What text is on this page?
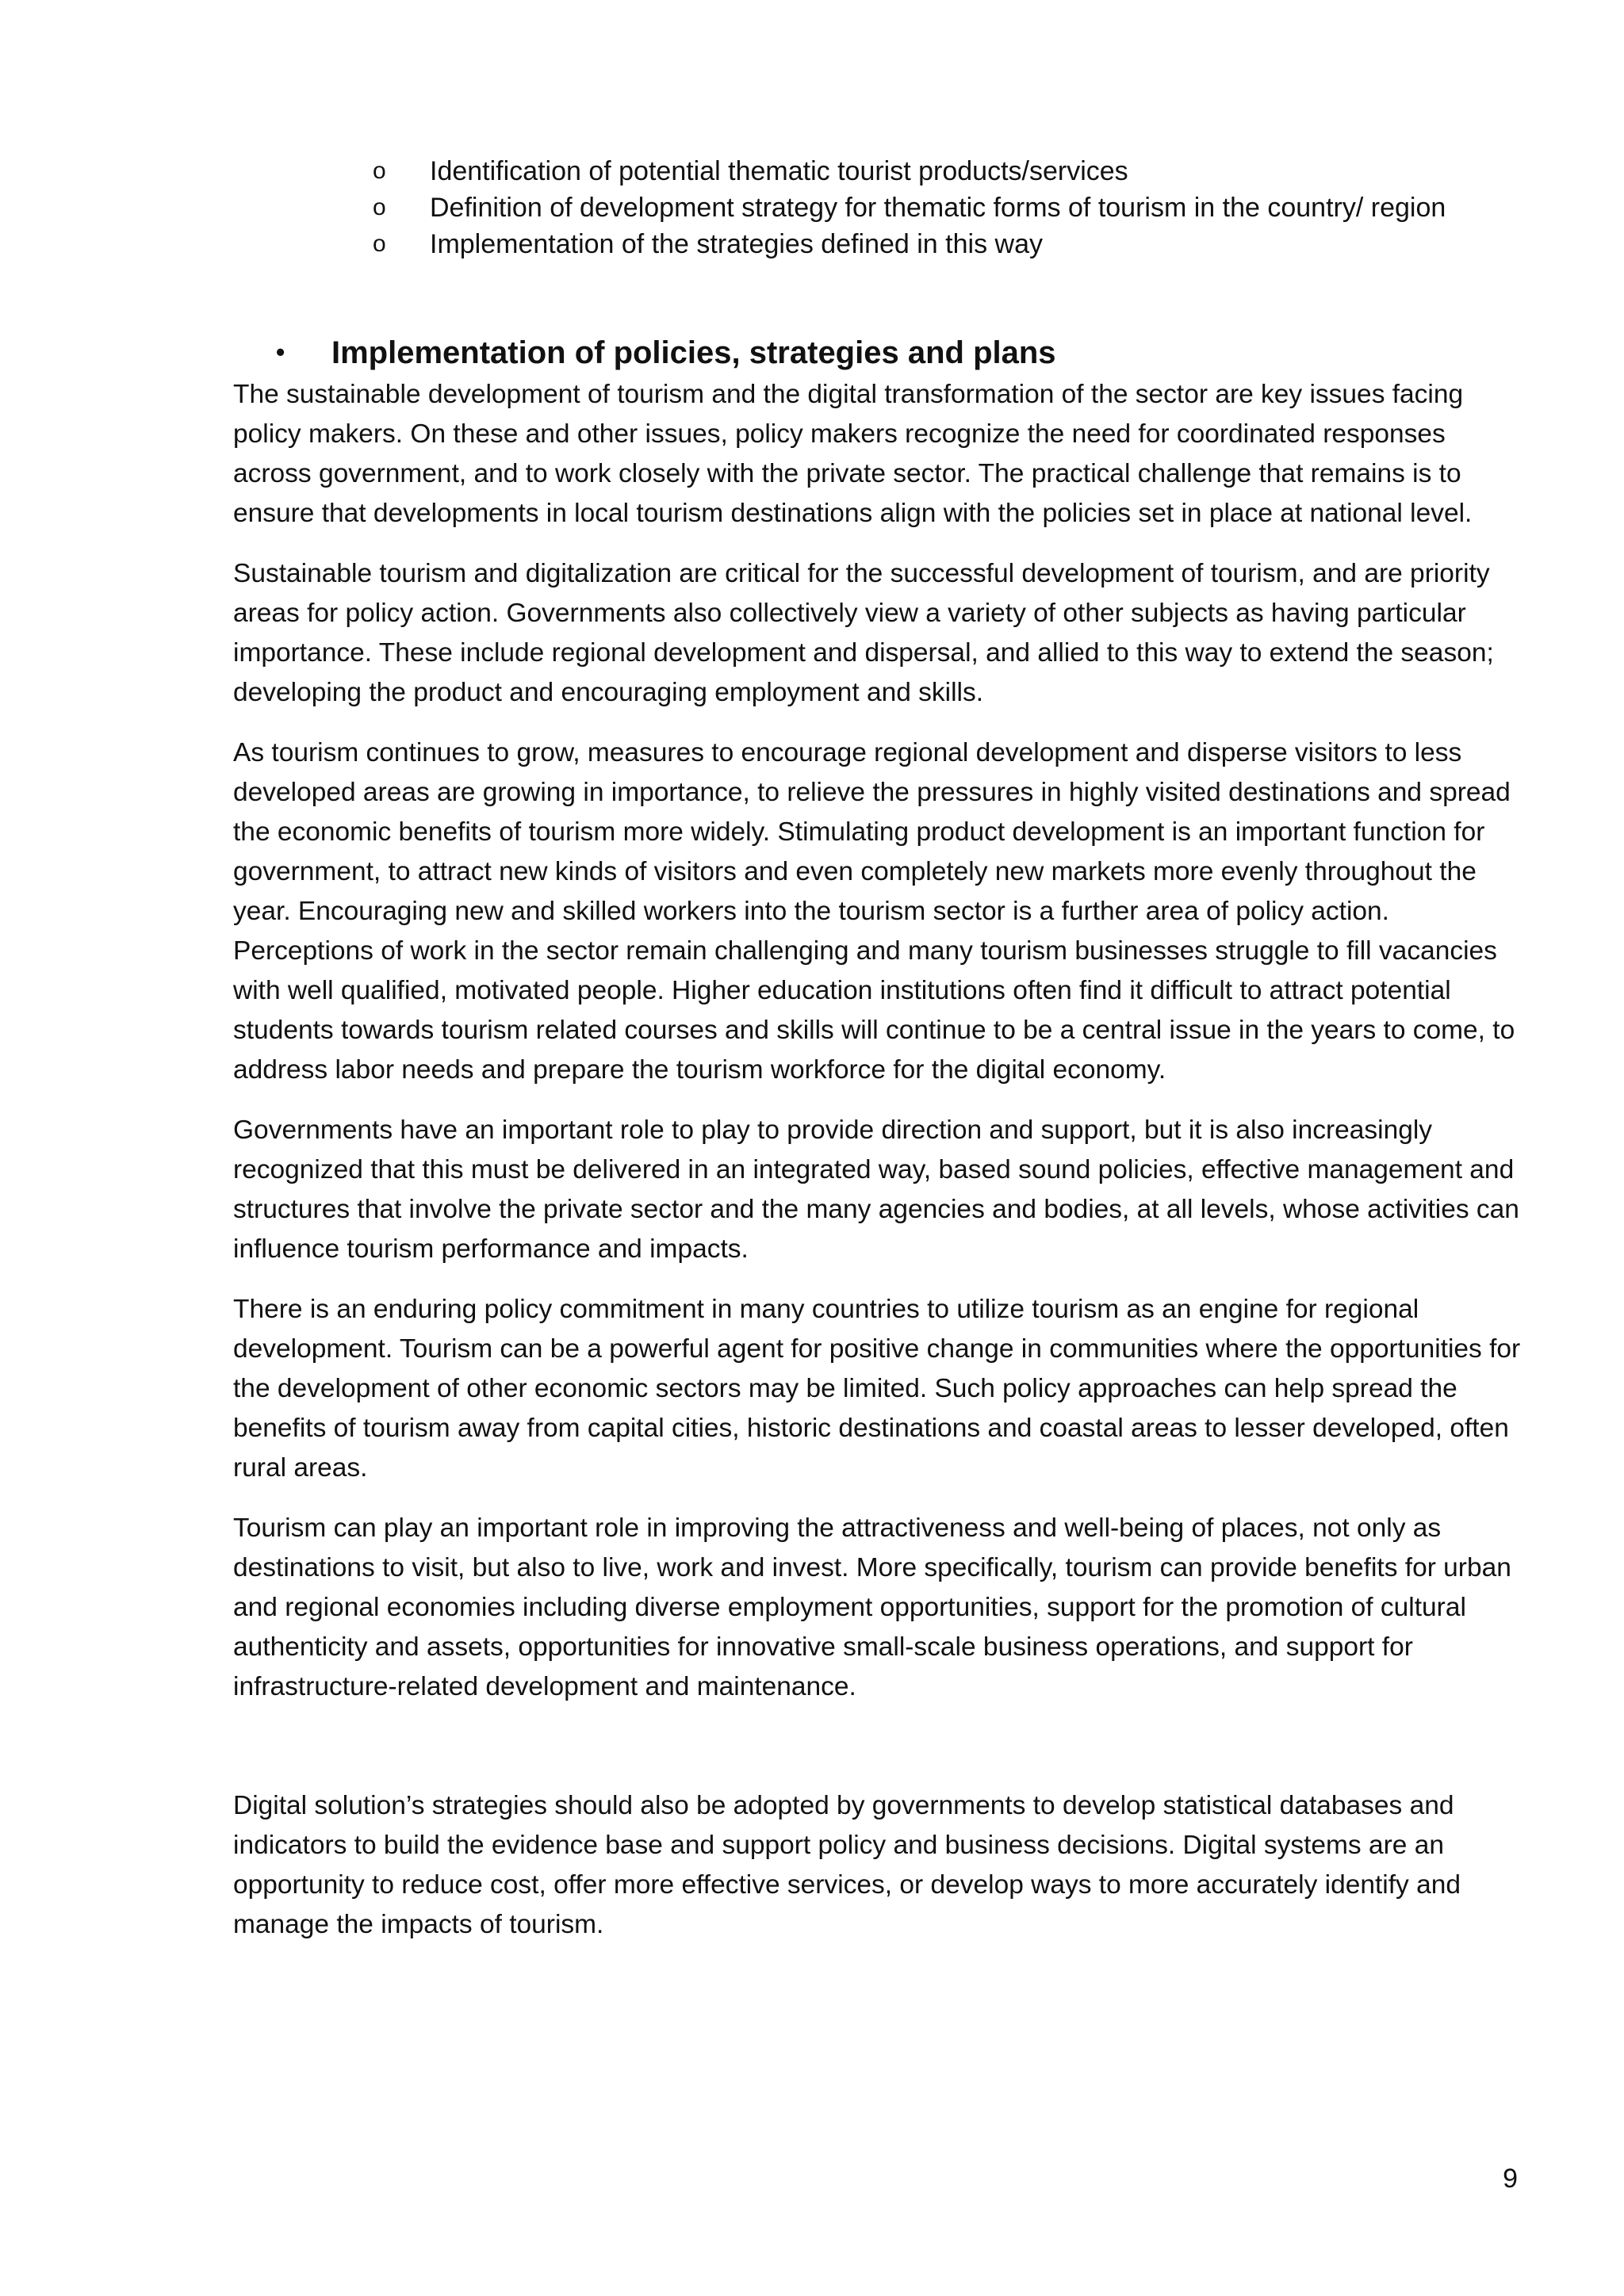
o Identification of potential thematic tourist products/services
o Definition of development strategy for thematic forms of tourism in the country/ region
o Implementation of the strategies defined in this way
• Implementation of policies, strategies and plans

The sustainable development of tourism and the digital transformation of the sector are key issues facing policy makers. On these and other issues, policy makers recognize the need for coordinated responses across government, and to work closely with the private sector. The practical challenge that remains is to ensure that developments in local tourism destinations align with the policies set in place at national level.

Sustainable tourism and digitalization are critical for the successful development of tourism, and are priority areas for policy action. Governments also collectively view a variety of other subjects as having particular importance. These include regional development and dispersal, and allied to this way to extend the season; developing the product and encouraging employment and skills.

As tourism continues to grow, measures to encourage regional development and disperse visitors to less developed areas are growing in importance, to relieve the pressures in highly visited destinations and spread the economic benefits of tourism more widely. Stimulating product development is an important function for government, to attract new kinds of visitors and even completely new markets more evenly throughout the year. Encouraging new and skilled workers into the tourism sector is a further area of policy action. Perceptions of work in the sector remain challenging and many tourism businesses struggle to fill vacancies with well qualified, motivated people. Higher education institutions often find it difficult to attract potential students towards tourism related courses and skills will continue to be a central issue in the years to come, to address labor needs and prepare the tourism workforce for the digital economy.

Governments have an important role to play to provide direction and support, but it is also increasingly recognized that this must be delivered in an integrated way, based sound policies, effective management and structures that involve the private sector and the many agencies and bodies, at all levels, whose activities can influence tourism performance and impacts.

There is an enduring policy commitment in many countries to utilize tourism as an engine for regional development. Tourism can be a powerful agent for positive change in communities where the opportunities for the development of other economic sectors may be limited. Such policy approaches can help spread the benefits of tourism away from capital cities, historic destinations and coastal areas to lesser developed, often rural areas.

Tourism can play an important role in improving the attractiveness and well-being of places, not only as destinations to visit, but also to live, work and invest. More specifically, tourism can provide benefits for urban and regional economies including diverse employment opportunities, support for the promotion of cultural authenticity and assets, opportunities for innovative small-scale business operations, and support for infrastructure-related development and maintenance.

Digital solution’s strategies should also be adopted by governments to develop statistical databases and indicators to build the evidence base and support policy and business decisions. Digital systems are an opportunity to reduce cost, offer more effective services, or develop ways to more accurately identify and manage the impacts of tourism.

9
